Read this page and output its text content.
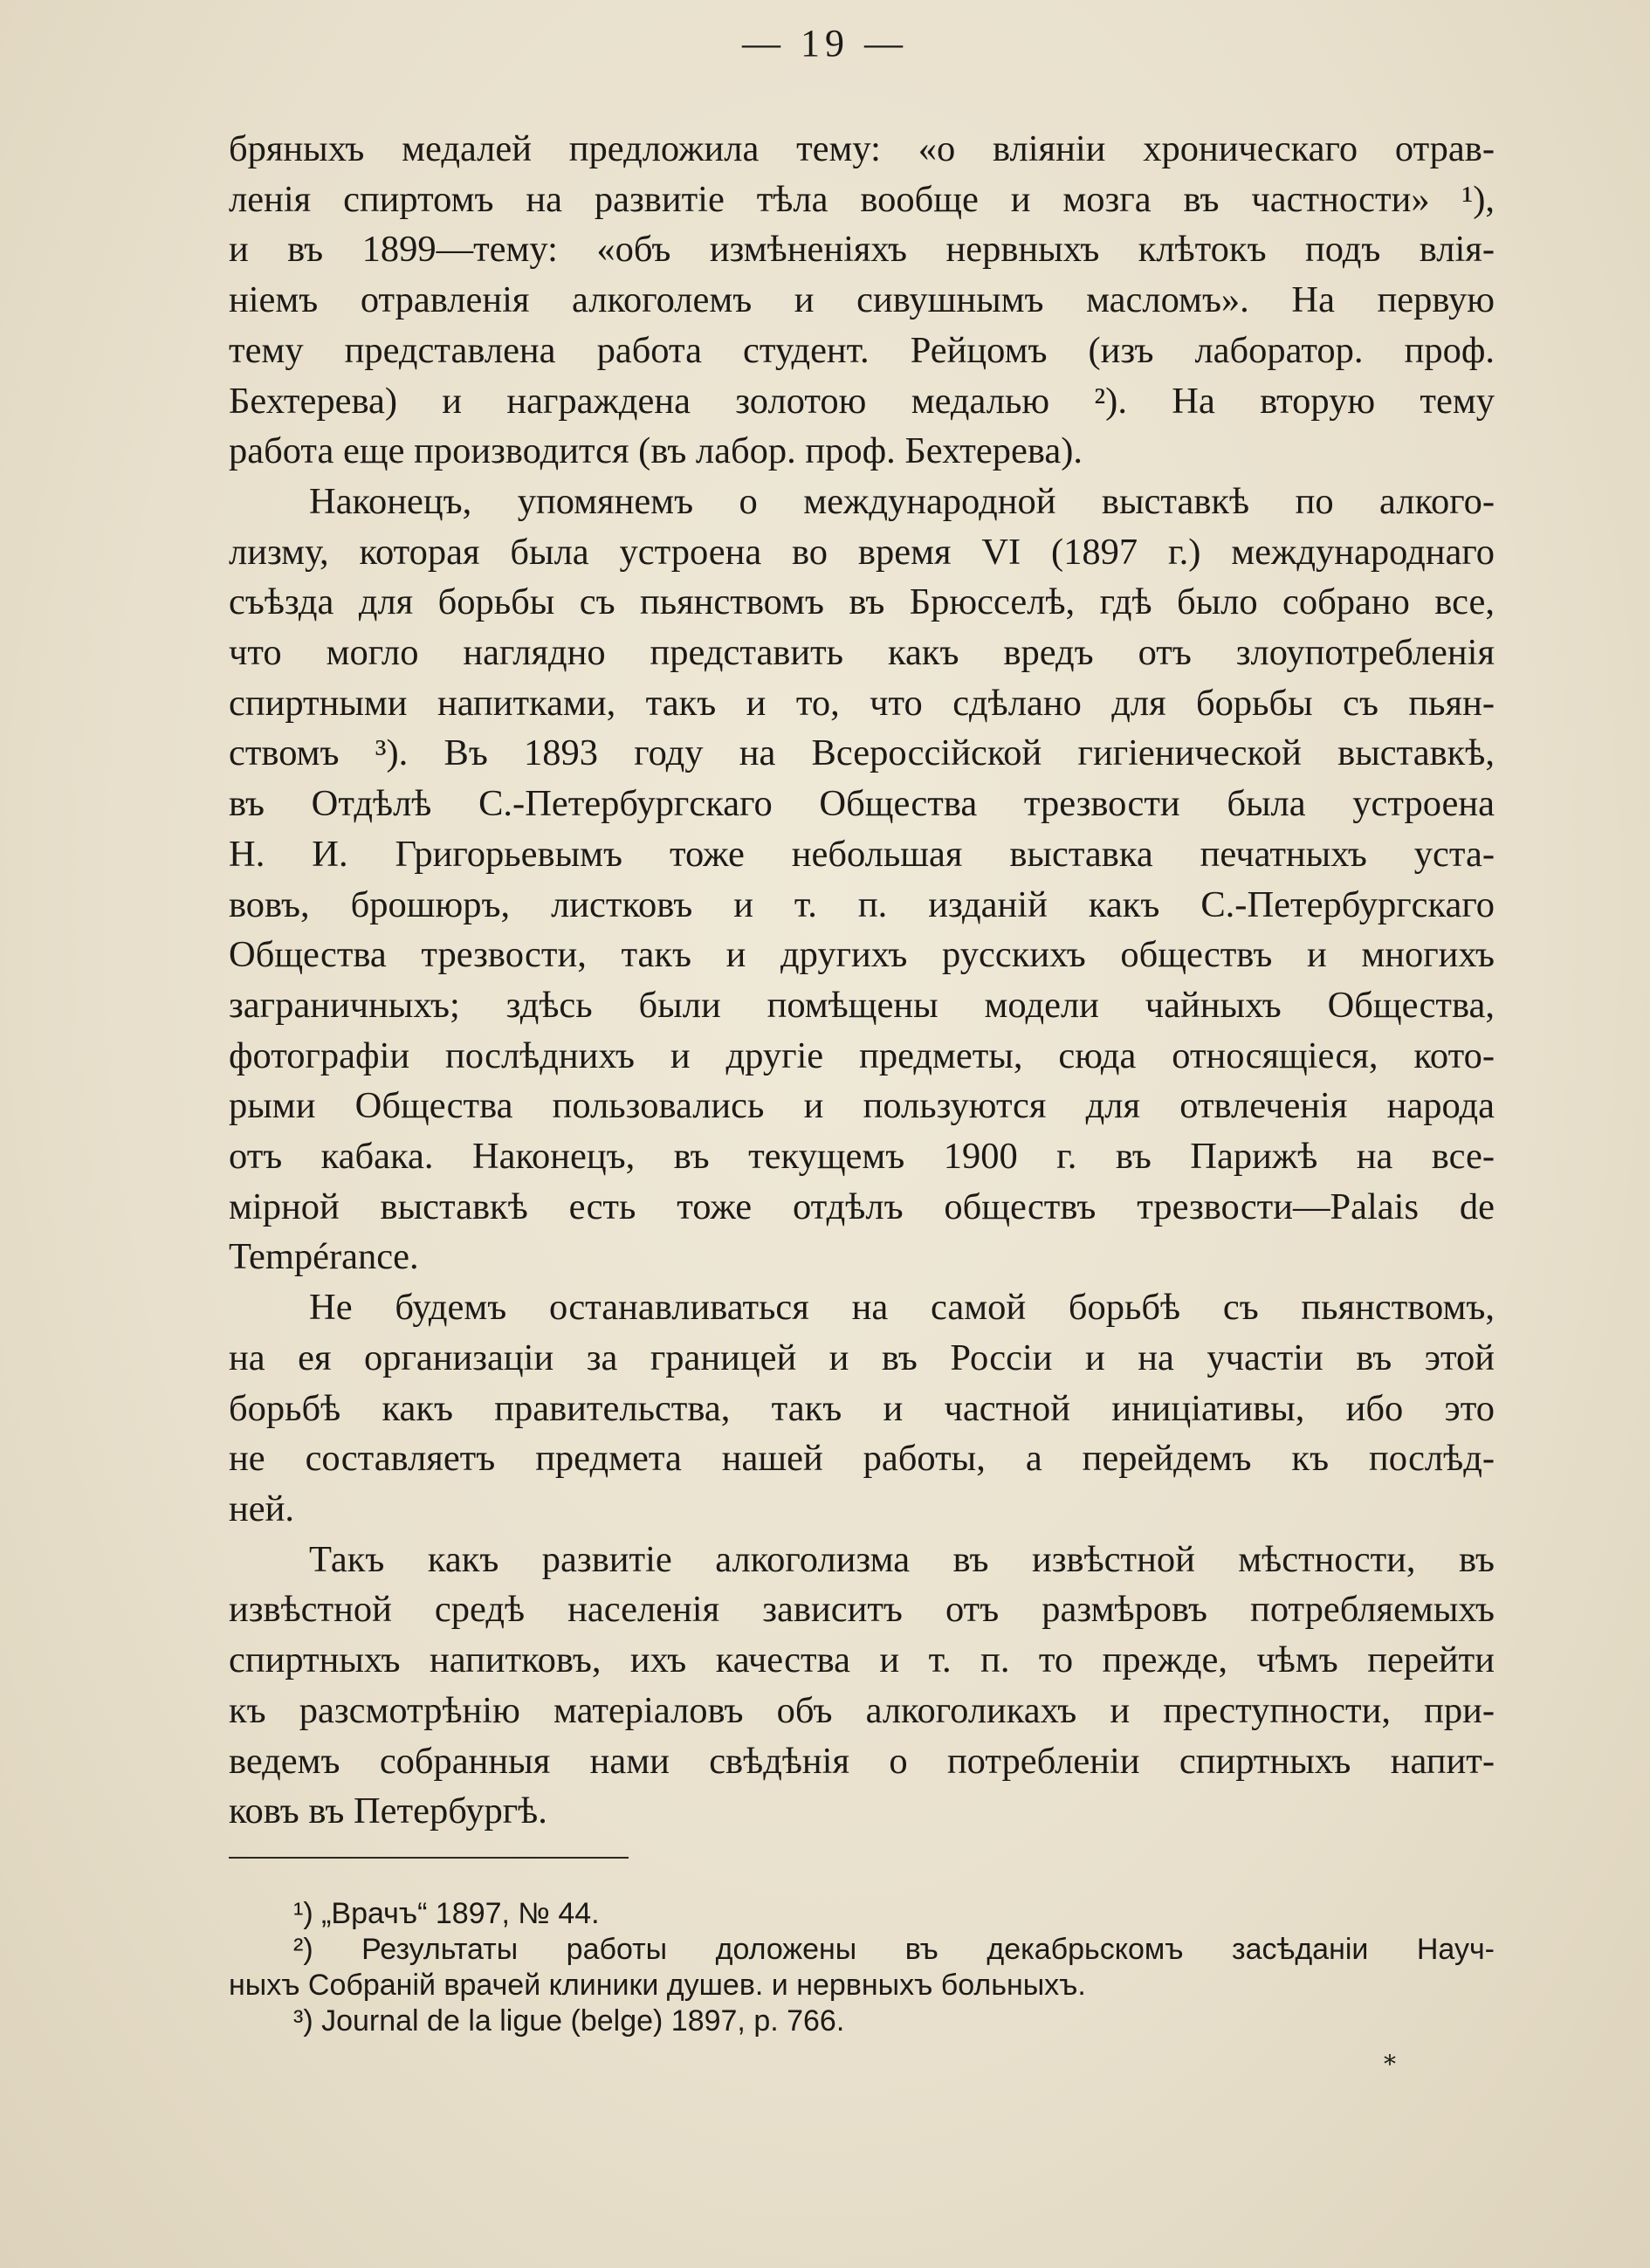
— 19 —

бряныхъ медалей предложила тему: «о вліяніи хроническаго отрав-
ленія спиртомъ на развитіе тѣла вообще и мозга въ частности» ¹),
и въ 1899—тему: «объ измѣненіяхъ нервныхъ клѣтокъ подъ влія-
ніемъ отравленія алкоголемъ и сивушнымъ масломъ». На первую
тему представлена работа студент. Рейцомъ (изъ лаборатор. проф.
Бехтерева) и награждена золотою медалью ²). На вторую тему
работа еще производится (въ лабор. проф. Бехтерева).

Наконецъ, упомянемъ о международной выставкѣ по алкого-
лизму, которая была устроена во время VI (1897 г.) международнаго
съѣзда для борьбы съ пьянствомъ въ Брюсселѣ, гдѣ было собрано все,
что могло наглядно представить какъ вредъ отъ злоупотребленія
спиртными напитками, такъ и то, что сдѣлано для борьбы съ пьян-
ствомъ ³). Въ 1893 году на Всероссійской гигіенической выставкѣ,
въ Отдѣлѣ С.-Петербургскаго Общества трезвости была устроена
Н. И. Григорьевымъ тоже небольшая выставка печатныхъ уста-
вовъ, брошюръ, листковъ и т. п. изданій какъ С.-Петербургскаго
Общества трезвости, такъ и другихъ русскихъ обществъ и многихъ
заграничныхъ; здѣсь были помѣщены модели чайныхъ Общества,
фотографіи послѣднихъ и другіе предметы, сюда относящіеся, кото-
рыми Общества пользовались и пользуются для отвлеченія народа
отъ кабака. Наконецъ, въ текущемъ 1900 г. въ Парижѣ на все-
мірной выставкѣ есть тоже отдѣлъ обществъ трезвости—Palais de
Tempérance.

Не будемъ останавливаться на самой борьбѣ съ пьянствомъ,
на ея организаціи за границей и въ Россіи и на участіи въ этой
борьбѣ какъ правительства, такъ и частной иниціативы, ибо это
не составляетъ предмета нашей работы, а перейдемъ къ послѣд-
ней.

Такъ какъ развитіе алкоголизма въ извѣстной мѣстности, въ
извѣстной средѣ населенія зависитъ отъ размѣровъ потребляемыхъ
спиртныхъ напитковъ, ихъ качества и т. п. то прежде, чѣмъ перейти
къ разсмотрѣнію матеріаловъ объ алкоголикахъ и преступности, при-
ведемъ собранныя нами свѣдѣнія о потребленіи спиртныхъ напит-
ковъ въ Петербургѣ.

¹) „Врачъ“ 1897, № 44.
²) Результаты работы доложены въ декабрьскомъ засѣданіи Науч-
ныхъ Собраній врачей клиники душев. и нервныхъ больныхъ.
³) Journal de la ligue (belge) 1897, p. 766.
*
